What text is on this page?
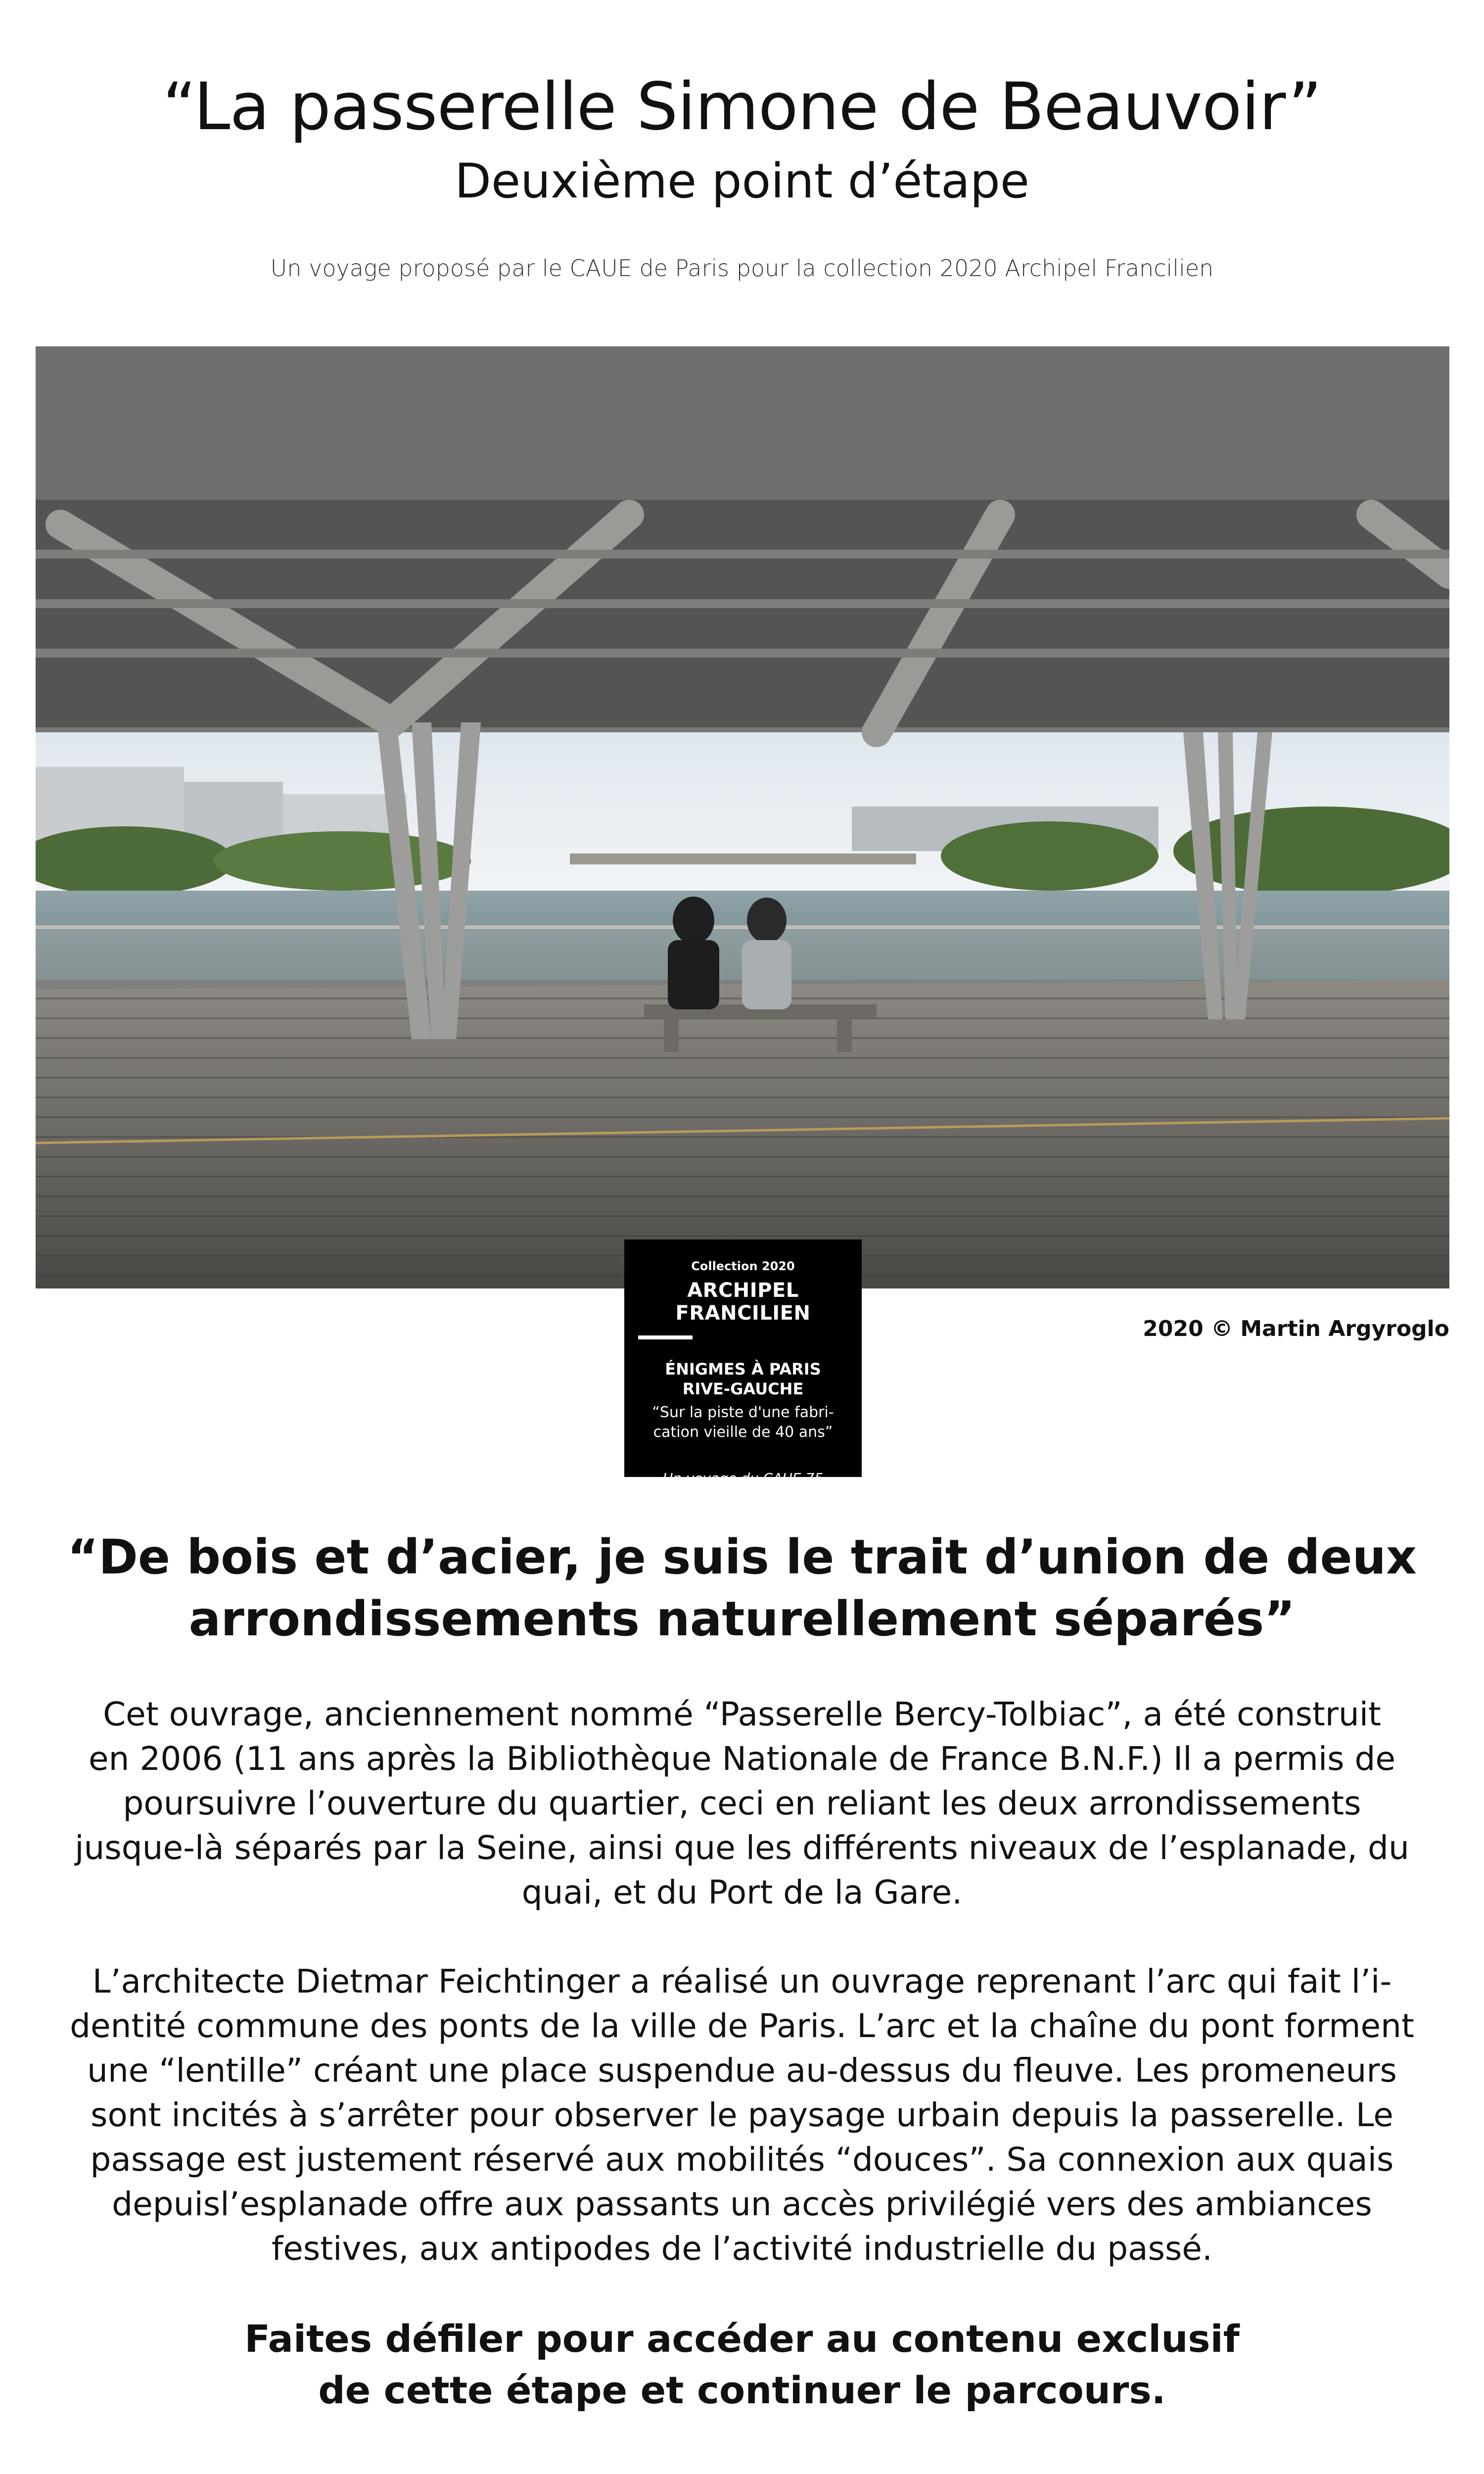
“La passerelle Simone de Beauvoir”
Deuxième point d’étape
Un voyage proposé par le CAUE de Paris pour la collection 2020 Archipel Francilien
2020 © Martin Argyroglo
Collection 2020
ARCHIPEL FRANCILIEN
ÉNIGMES À PARIS
RIVE-GAUCHE
“Sur la piste d'une fabri-
cation vieille de 40 ans”
Un voyage du CAUE 75
“De bois et d’acier, je suis le trait d’union de deux
arrondissements naturellement séparés”
Cet ouvrage, anciennement nommé “Passerelle Bercy-Tolbiac”, a été construit
en 2006 (11 ans après la Bibliothèque Nationale de France B.N.F.) Il a permis de
poursuivre l’ouverture du quartier, ceci en reliant les deux arrondissements
jusque-là séparés par la Seine, ainsi que les différents niveaux de l’esplanade, du
quai, et du Port de la Gare.
L’architecte Dietmar Feichtinger a réalisé un ouvrage reprenant l’arc qui fait l’i-
dentité commune des ponts de la ville de Paris. L’arc et la chaîne du pont forment
une “lentille” créant une place suspendue au-dessus du fleuve. Les promeneurs
sont incités à s’arrêter pour observer le paysage urbain depuis la passerelle. Le
passage est justement réservé aux mobilités “douces”. Sa connexion aux quais
depuisl’esplanade offre aux passants un accès privilégié vers des ambiances
festives, aux antipodes de l’activité industrielle du passé.
Faites défiler pour accéder au contenu exclusif
de cette étape et continuer le parcours.
